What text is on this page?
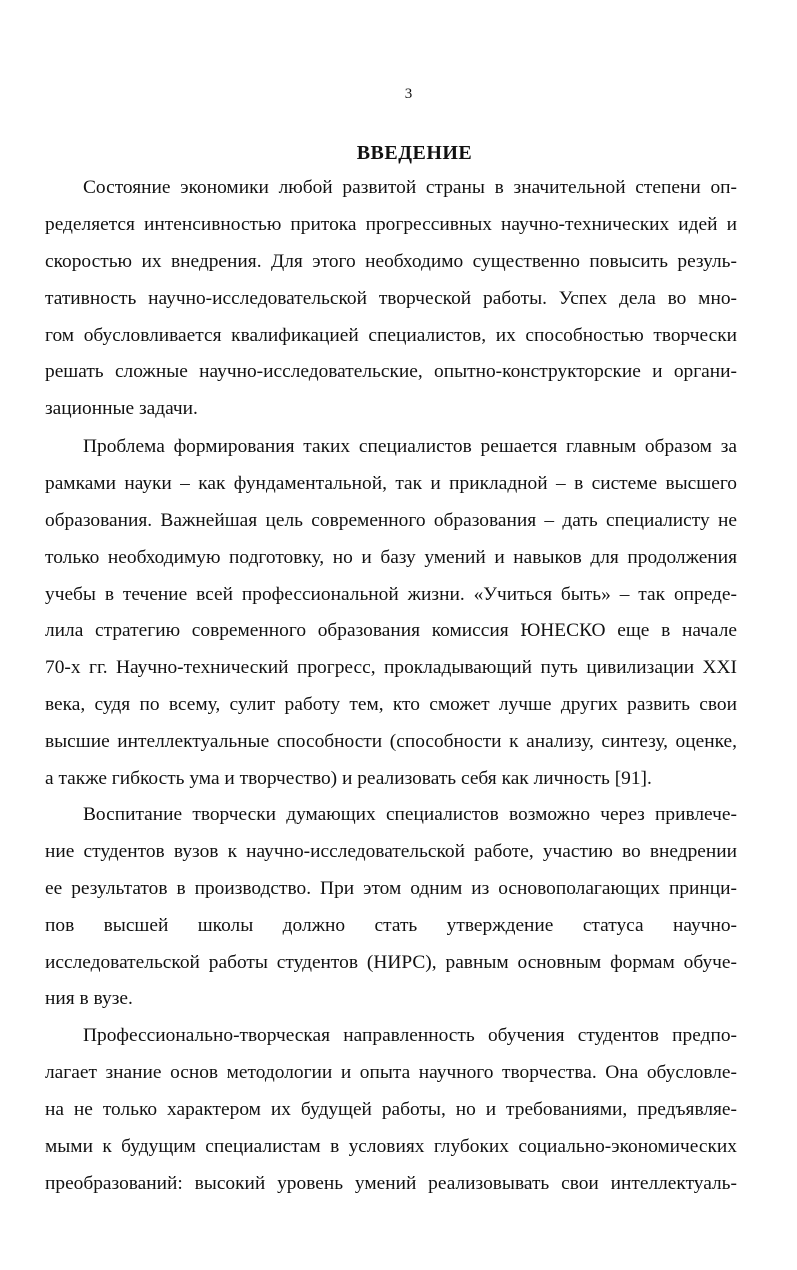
3
ВВЕДЕНИЕ
Состояние экономики любой развитой страны в значительной степени оп-
ределяется интенсивностью притока прогрессивных научно-технических идей и
скоростью их внедрения. Для этого необходимо существенно повысить резуль-
тативность научно-исследовательской творческой работы. Успех дела во мно-
гом обусловливается квалификацией специалистов, их способностью творчески
решать сложные научно-исследовательские, опытно-конструкторские и органи-
зационные задачи.
Проблема формирования таких специалистов решается главным образом за
рамками науки – как фундаментальной, так и прикладной – в системе высшего
образования. Важнейшая цель современного образования – дать специалисту не
только необходимую подготовку, но и базу умений и навыков для продолжения
учебы в течение всей профессиональной жизни. «Учиться быть» – так опреде-
лила стратегию современного образования комиссия ЮНЕСКО еще в начале
70-х гг. Научно-технический прогресс, прокладывающий путь цивилизации XXI
века, судя по всему, сулит работу тем, кто сможет лучше других развить свои
высшие интеллектуальные способности (способности к анализу, синтезу, оценке,
а также гибкость ума и творчество) и реализовать себя как личность [91].
Воспитание творчески думающих специалистов возможно через привлече-
ние студентов вузов к научно-исследовательской работе, участию во внедрении
ее результатов в производство. При этом одним из основополагающих принци-
пов высшей школы должно стать утверждение статуса научно-
исследовательской работы студентов (НИРС), равным основным формам обуче-
ния в вузе.
Профессионально-творческая направленность обучения студентов предпо-
лагает знание основ методологии и опыта научного творчества. Она обусловле-
на не только характером их будущей работы, но и требованиями, предъявляе-
мыми к будущим специалистам в условиях глубоких социально-экономических
преобразований: высокий уровень умений реализовывать свои интеллектуаль-
